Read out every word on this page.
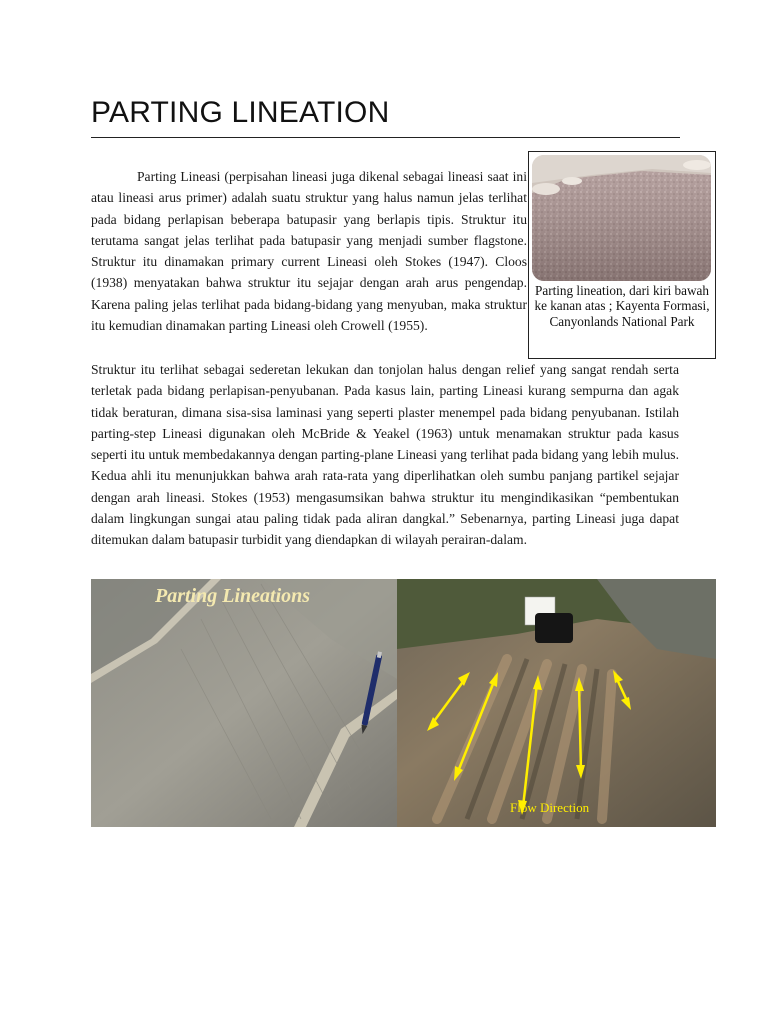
PARTING LINEATION
Parting Lineasi (perpisahan lineasi juga dikenal sebagai lineasi saat ini atau lineasi arus primer) adalah suatu struktur yang halus namun jelas terlihat pada bidang perlapisan beberapa batupasir yang berlapis tipis. Struktur itu terutama sangat jelas terlihat pada batupasir yang menjadi sumber flagstone. Struktur itu dinamakan primary current Lineasi oleh Stokes (1947). Cloos (1938) menyatakan bahwa struktur itu sejajar dengan arah arus pengendap. Karena paling jelas terlihat pada bidang-bidang yang menyuban, maka struktur itu kemudian dinamakan parting Lineasi oleh Crowell (1955).
Parting lineation, dari kiri bawah ke kanan atas ; Kayenta Formasi, Canyonlands National Park
Struktur itu terlihat sebagai sederetan lekukan dan tonjolan halus dengan relief yang sangat rendah serta terletak pada bidang perlapisan-penyubanan. Pada kasus lain, parting Lineasi kurang sempurna dan agak tidak beraturan, dimana sisa-sisa laminasi yang seperti plaster menempel pada bidang penyubanan. Istilah parting-step Lineasi digunakan oleh McBride & Yeakel (1963) untuk menamakan struktur pada kasus seperti itu untuk membedakannya dengan parting-plane Lineasi yang terlihat pada bidang yang lebih mulus. Kedua ahli itu menunjukkan bahwa arah rata-rata yang diperlihatkan oleh sumbu panjang partikel sejajar dengan arah lineasi. Stokes (1953) mengasumsikan bahwa struktur itu mengindikasikan “pembentukan dalam lingkungan sungai atau paling tidak pada aliran dangkal.” Sebenarnya, parting Lineasi juga dapat ditemukan dalam batupasir turbidit yang diendapkan di wilayah perairan-dalam.
Parting Lineations
Flow Direction
